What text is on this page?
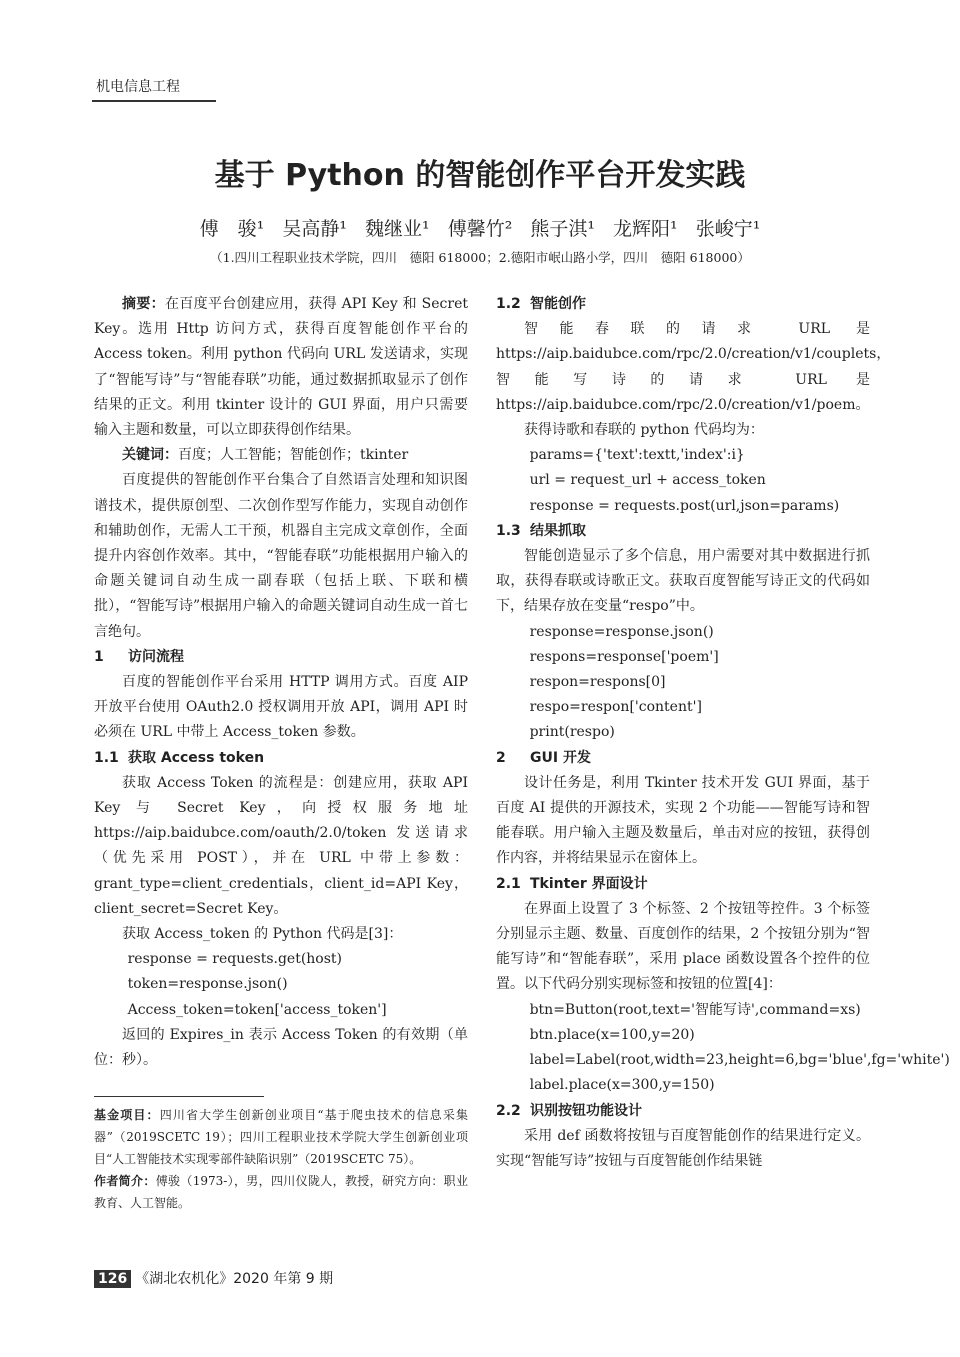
机电信息工程
基于 Python 的智能创作平台开发实践
傅　骏¹ 吴高静¹ 魏继业¹ 傅馨竹² 熊子淇¹ 龙辉阳¹ 张峻宁¹
（1.四川工程职业技术学院，四川　德阳 618000；2.德阳市岷山路小学，四川　德阳 618000）

摘要：在百度平台创建应用，获得 API Key 和 Secret Key。选用 Http 访问方式，获得百度智能创作平台的 Access token。利用 python 代码向 URL 发送请求，实现了“智能写诗”与“智能春联”功能，通过数据抓取显示了创作结果的正文。利用 tkinter 设计的 GUI 界面，用户只需要输入主题和数量，可以立即获得创作结果。

关键词：百度；人工智能；智能创作；tkinter

百度提供的智能创作平台集合了自然语言处理和知识图谱技术，提供原创型、二次创作型写作能力，实现自动创作和辅助创作，无需人工干预，机器自主完成文章创作，全面提升内容创作效率。其中，“智能春联”功能根据用户输入的命题关键词自动生成一副春联（包括上联、下联和横批），“智能写诗”根据用户输入的命题关键词自动生成一首七言绝句。

1 访问流程

百度的智能创作平台采用 HTTP 调用方式。百度 AIP 开放平台使用 OAuth2.0 授权调用开放 API，调用 API 时必须在 URL 中带上 Access_token 参数。

1.1 获取 Access token

获取 Access Token 的流程是：创建应用，获取 API Key 与 Secret Key，向授权服务地址 https://aip.baidubce.com/oauth/2.0/token 发送请求（优先采用 POST），并在 URL 中带上参数：grant_type=client_credentials，client_id=API Key，client_secret=Secret Key。

获取 Access_token 的 Python 代码是[3]：

response = requests.get(host)

token=response.json()

Access_token=token['access_token']

返回的 Expires_in 表示 Access Token 的有效期（单位：秒）。

基金项目：四川省大学生创新创业项目“基于爬虫技术的信息采集器”（2019SCETC 19）；四川工程职业技术学院大学生创新创业项目“人工智能技术实现零部件缺陷识别”（2019SCETC 75）。

作者简介：傅骏（1973-），男，四川仪陇人，教授，研究方向：职业教育、人工智能。

126 《湖北农机化》2020 年第 9 期

1.2 智能创作

智能春联的请求 URL 是 https://aip.baidubce.com/rpc/2.0/creation/v1/couplets，智能写诗的请求 URL 是 https://aip.baidubce.com/rpc/2.0/creation/v1/poem。

获得诗歌和春联的 python 代码均为：

params={'text':textt,'index':i}

url = request_url + access_token

response = requests.post(url,json=params)

1.3 结果抓取

智能创造显示了多个信息，用户需要对其中数据进行抓取，获得春联或诗歌正文。获取百度智能写诗正文的代码如下，结果存放在变量“respo”中。

response=response.json()

respons=response['poem']

respon=respons[0]

respo=respon['content']

print(respo)

2 GUI 开发

设计任务是，利用 Tkinter 技术开发 GUI 界面，基于百度 AI 提供的开源技术，实现 2 个功能——智能写诗和智能春联。用户输入主题及数量后，单击对应的按钮，获得创作内容，并将结果显示在窗体上。

2.1 Tkinter 界面设计

在界面上设置了 3 个标签、2 个按钮等控件。3 个标签分别显示主题、数量、百度创作的结果，2 个按钮分别为“智能写诗”和“智能春联”，采用 place 函数设置各个控件的位置。以下代码分别实现标签和按钮的位置[4]：

btn=Button(root,text='智能写诗',command=xs)

btn.place(x=100,y=20)

label=Label(root,width=23,height=6,bg='blue',fg='white')

label.place(x=300,y=150)

2.2 识别按钮功能设计

采用 def 函数将按钮与百度智能创作的结果进行定义。实现“智能写诗”按钮与百度智能创作结果链
